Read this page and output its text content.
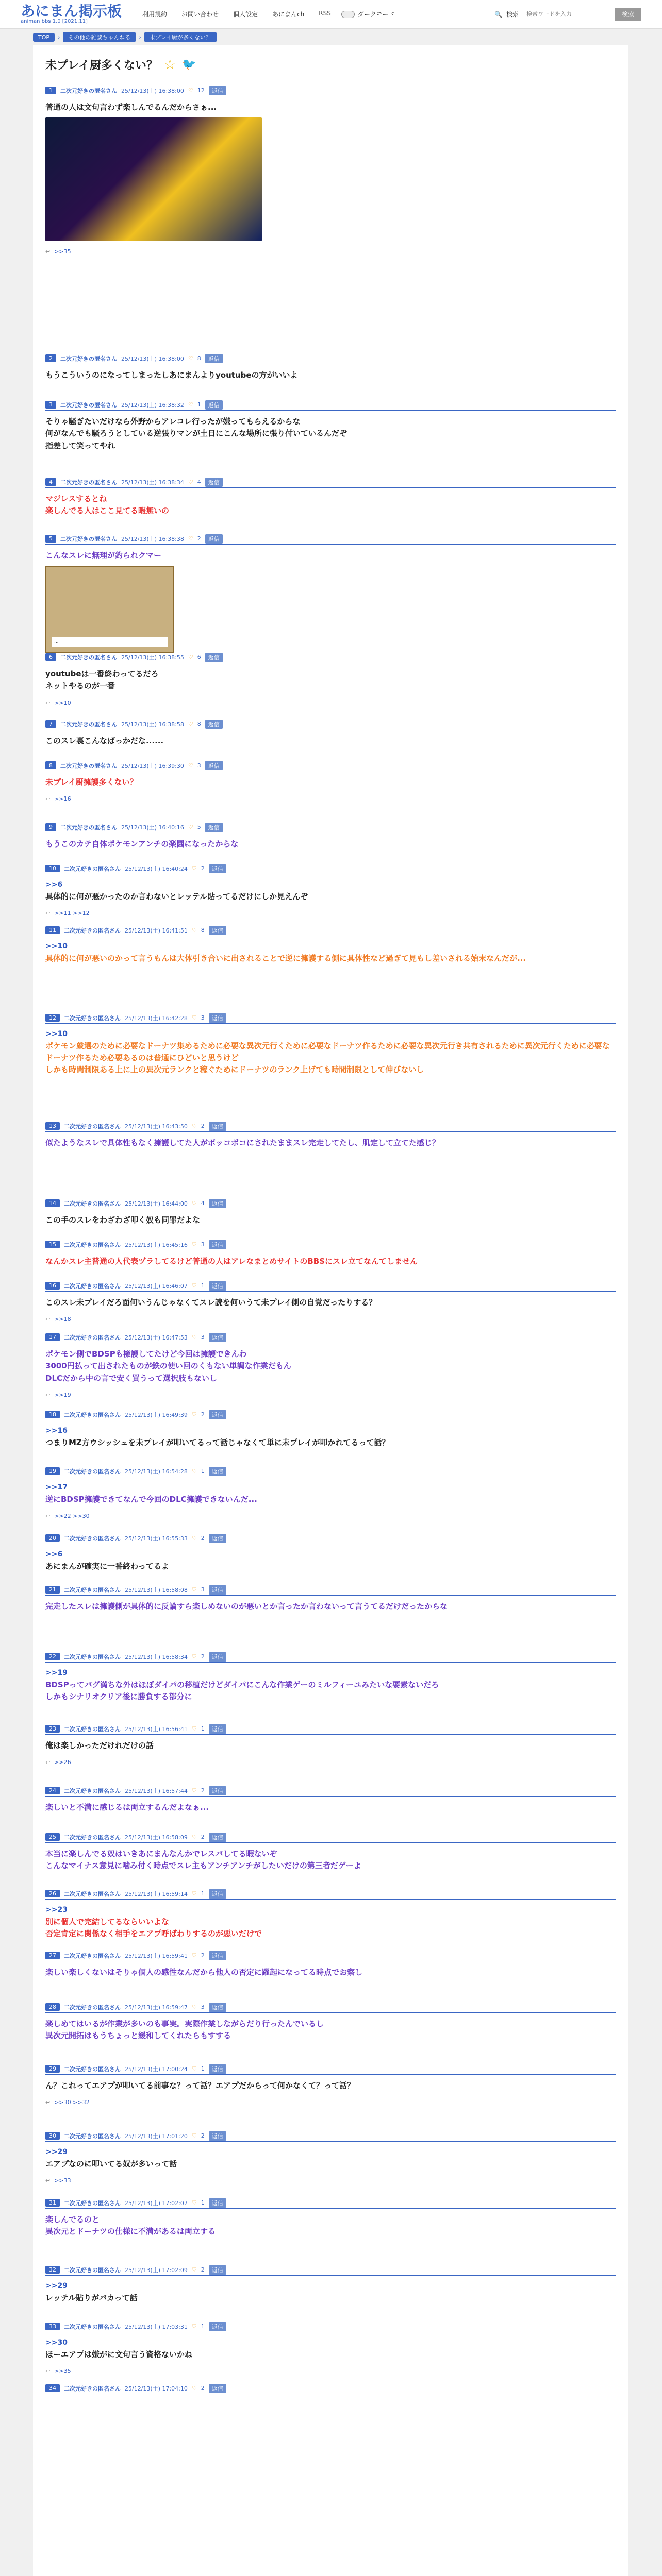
あにまん掲示板
animan bbs 1.0 [2021.11]
利用規約 お問い合わせ 個人設定 あにまんch RSS	ダークモード	🔍 検索
検索ワードを入力	検索
TOP	›	その他の雑談ちゃんねる	›	未プレイ厨が多くない？
未プレイ厨多くない？ ☆ 🐦
1	二次元好きの匿名さん 25/12/13(土) 16:38:00 ♡ 12	返信
普通の人は文句言わず楽しんでるんだからさぁ...
↩ >>35
2	二次元好きの匿名さん 25/12/13(土) 16:38:00 ♡ 8	返信
もうこういうのになってしまったしあにまんよりyoutubeの方がいいよ
3	二次元好きの匿名さん 25/12/13(土) 16:38:32 ♡ 1	返信
そりゃ騒ぎたいだけなら外野からアレコレ行ったが嫌ってもらえるからな
何がなんでも騒ろうとしている逆張りマンが土日にこんな場所に張り付いているんだぞ
指差して笑ってやれ
4	二次元好きの匿名さん 25/12/13(土) 16:38:34 ♡ 4	返信
マジレスするとね
楽しんでる人はここ見てる暇無いの
5	二次元好きの匿名さん 25/12/13(土) 16:38:38 ♡ 2	返信
こんなスレに無理が釣られクマー
...
6	二次元好きの匿名さん 25/12/13(土) 16:38:55 ♡ 6	返信
youtubeは一番終わってるだろ
ネットやるのが一番
↩ >>10
7	二次元好きの匿名さん 25/12/13(土) 16:38:58 ♡ 8	返信
このスレ裏こんなばっかだな......
8	二次元好きの匿名さん 25/12/13(土) 16:39:30 ♡ 3	返信
未プレイ厨擁護多くない？
↩ >>16
9	二次元好きの匿名さん 25/12/13(土) 16:40:16 ♡ 5	返信
もうこのカテ自体ポケモンアンチの楽園になったからな
10	二次元好きの匿名さん 25/12/13(土) 16:40:24 ♡ 2	返信
>>6
具体的に何が悪かったのか言わないとレッテル貼ってるだけにしか見えんぞ
↩ >>11 >>12
11	二次元好きの匿名さん 25/12/13(土) 16:41:51 ♡ 8	返信
>>10
具体的に何が悪いのかって言うもんは大体引き合いに出されることで逆に擁護する側に具体性など過ぎて見もし差いされる始末なんだが...
12	二次元好きの匿名さん 25/12/13(土) 16:42:28 ♡ 3	返信
>>10
ポケモン厳選のために必要なドーナツ集めるために必要な異次元行くために必要なドーナツ作るために必要な異次元行き共有されるために異次元行くために必要なドーナツ作るため必要あるのは普通にひどいと思うけど
しかも時間制限ある上に上の異次元ランクと稼ぐためにドーナツのランク上げても時間制限として伸びないし
13	二次元好きの匿名さん 25/12/13(土) 16:43:50 ♡ 2	返信
似たようなスレで具体性もなく擁護してた人がボッコボコにされたままスレ完走してたし、肌定して立てた感じ？
14	二次元好きの匿名さん 25/12/13(土) 16:44:00 ♡ 4	返信
この手のスレをわざわざ叩く奴も同罪だよな
15	二次元好きの匿名さん 25/12/13(土) 16:45:16 ♡ 3	返信
なんかスレ主普通の人代表ヅラしてるけど普通の人はアレなまとめサイトのBBSにスレ立てなんてしません
16	二次元好きの匿名さん 25/12/13(土) 16:46:07 ♡ 1	返信
このスレ未プレイだろ面何いうんじゃなくてスレ読を何いうて未プレイ側の自覚だったりする？
↩ >>18
17	二次元好きの匿名さん 25/12/13(土) 16:47:53 ♡ 3	返信
ポケモン側でBDSPも擁護してたけど今回は擁護できんわ
3000円払って出されたものが鉄の使い回のくもない単調な作業だもん
DLCだから中の言で安く買うって選択肢もないし
↩ >>19
18	二次元好きの匿名さん 25/12/13(土) 16:49:39 ♡ 2	返信
>>16
つまりMZ方ウシッシュを未プレイが叩いてるって話じゃなくて単に未プレイが叩かれてるって話？
19	二次元好きの匿名さん 25/12/13(土) 16:54:28 ♡ 1	返信
>>17
逆にBDSP擁護できてなんで今回のDLC擁護できないんだ...
↩ >>22 >>30
20	二次元好きの匿名さん 25/12/13(土) 16:55:33 ♡ 2	返信
>>6
あにまんが確実に一番終わってるよ
21	二次元好きの匿名さん 25/12/13(土) 16:58:08 ♡ 3	返信
完走したスレは擁護側が具体的に反論すら楽しめないのが悪いとか言ったか言わないって言うてるだけだったからな
22	二次元好きの匿名さん 25/12/13(土) 16:58:34 ♡ 2	返信
>>19
BDSPってバグ満ちな外はほぼダイパの移植だけどダイパにこんな作業ゲーのミルフィーユみたいな要素ないだろ
しかもシナリオクリア後に勝負する部分に
23	二次元好きの匿名さん 25/12/13(土) 16:56:41 ♡ 1	返信
俺は楽しかっただけれだけの話
↩ >>26
24	二次元好きの匿名さん 25/12/13(土) 16:57:44 ♡ 2	返信
楽しいと不満に感じるは両立するんだよなぁ...
25	二次元好きの匿名さん 25/12/13(土) 16:58:09 ♡ 2	返信
本当に楽しんでる奴はいきあにまんなんかでレスバしてる暇ないぞ
こんなマイナス意見に噛み付く時点でスレ主もアンチアンチがしたいだけの第三者だゲーよ
26	二次元好きの匿名さん 25/12/13(土) 16:59:14 ♡ 1	返信
>>23
別に個人で完結してるならいいよな
否定肯定に関係なく相手をエアプ呼ばわりするのが悪いだけで
27	二次元好きの匿名さん 25/12/13(土) 16:59:41 ♡ 2	返信
楽しい楽しくないはそりゃ個人の感性なんだから他人の否定に躍起になってる時点でお察し
28	二次元好きの匿名さん 25/12/13(土) 16:59:47 ♡ 3	返信
楽しめてはいるが作業が多いのも事実。実際作業しながらだり行ったんでいるし
異次元開拓はもうちょっと緩和してくれたらもすする
29	二次元好きの匿名さん 25/12/13(土) 17:00:24 ♡ 1	返信
ん？これってエアプが叩いてる前事な？って話？エアプだからって何かなくて？って話？
↩ >>30 >>32
30	二次元好きの匿名さん 25/12/13(土) 17:01:20 ♡ 2	返信
>>29
エアプなのに叩いてる奴が多いって話
↩ >>33
31	二次元好きの匿名さん 25/12/13(土) 17:02:07 ♡ 1	返信
楽しんでるのと
異次元とドーナツの仕様に不満があるは両立する
32	二次元好きの匿名さん 25/12/13(土) 17:02:09 ♡ 2	返信
>>29
レッテル貼りがバカって話
33	二次元好きの匿名さん 25/12/13(土) 17:03:31 ♡ 1	返信
>>30
ほーエアプは嫌がに文句言う資格ないかね
↩ >>35
34	二次元好きの匿名さん 25/12/13(土) 17:04:10 ♡ 2	返信
